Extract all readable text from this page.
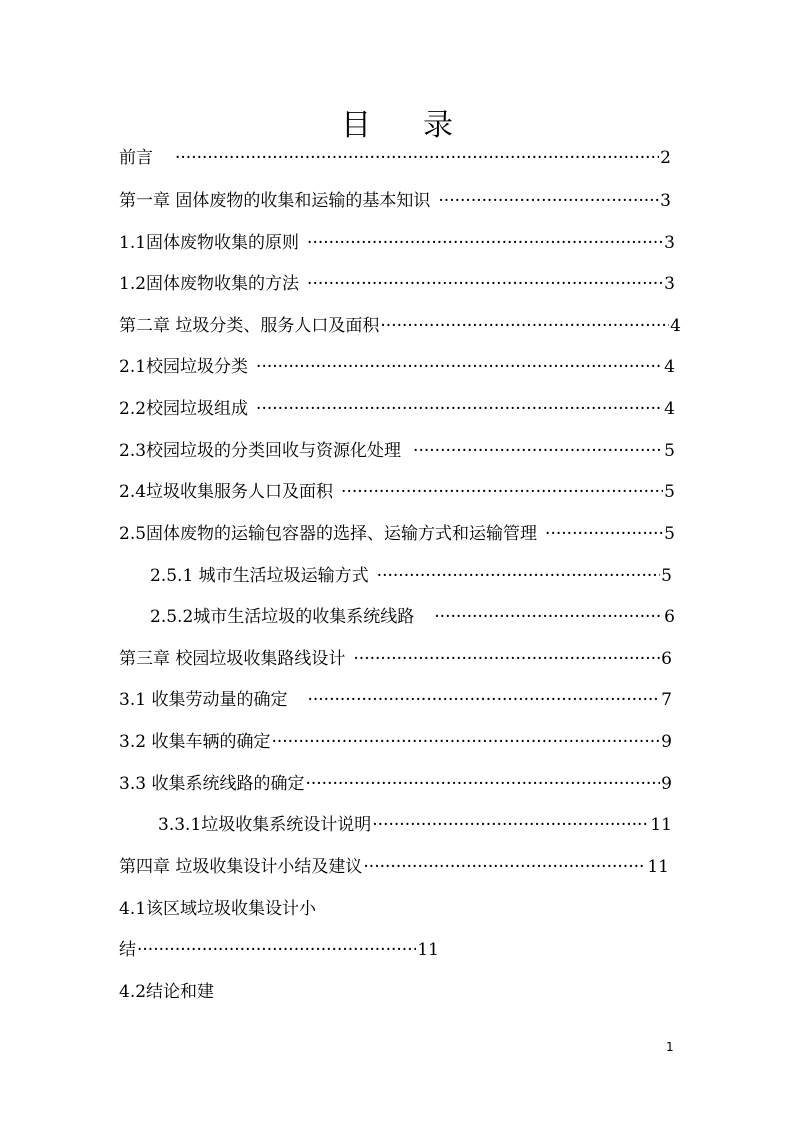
目 录
前言 ·····	2
第一章 固体废物的收集和运输的基本知识 ·····	3
1.1固体废物收集的原则 ·····	3
1.2固体废物收集的方法 ·····	3
第二章 垃圾分类、服务人口及面积 ·····	4
2.1校园垃圾分类 ·····	4
2.2校园垃圾组成 ·····	4
2.3校园垃圾的分类回收与资源化处理 ·····	5
2.4垃圾收集服务人口及面积 ·····	5
2.5固体废物的运输包容器的选择、运输方式和运输管理 ·····	5
2.5.1 城市生活垃圾运输方式 ·····	5
2.5.2城市生活垃圾的收集系统线路 ·····	6
第三章 校园垃圾收集路线设计 ·····	6
3.1 收集劳动量的确定 ·····	7
3.2 收集车辆的确定 ·····	9
3.3 收集系统线路的确定 ·····	9
3.3.1垃圾收集系统设计说明 ·····	11
第四章 垃圾收集设计小结及建议 ·····	11
4.1该区域垃圾收集设计小
结 ·····	11
4.2结论和建
1
